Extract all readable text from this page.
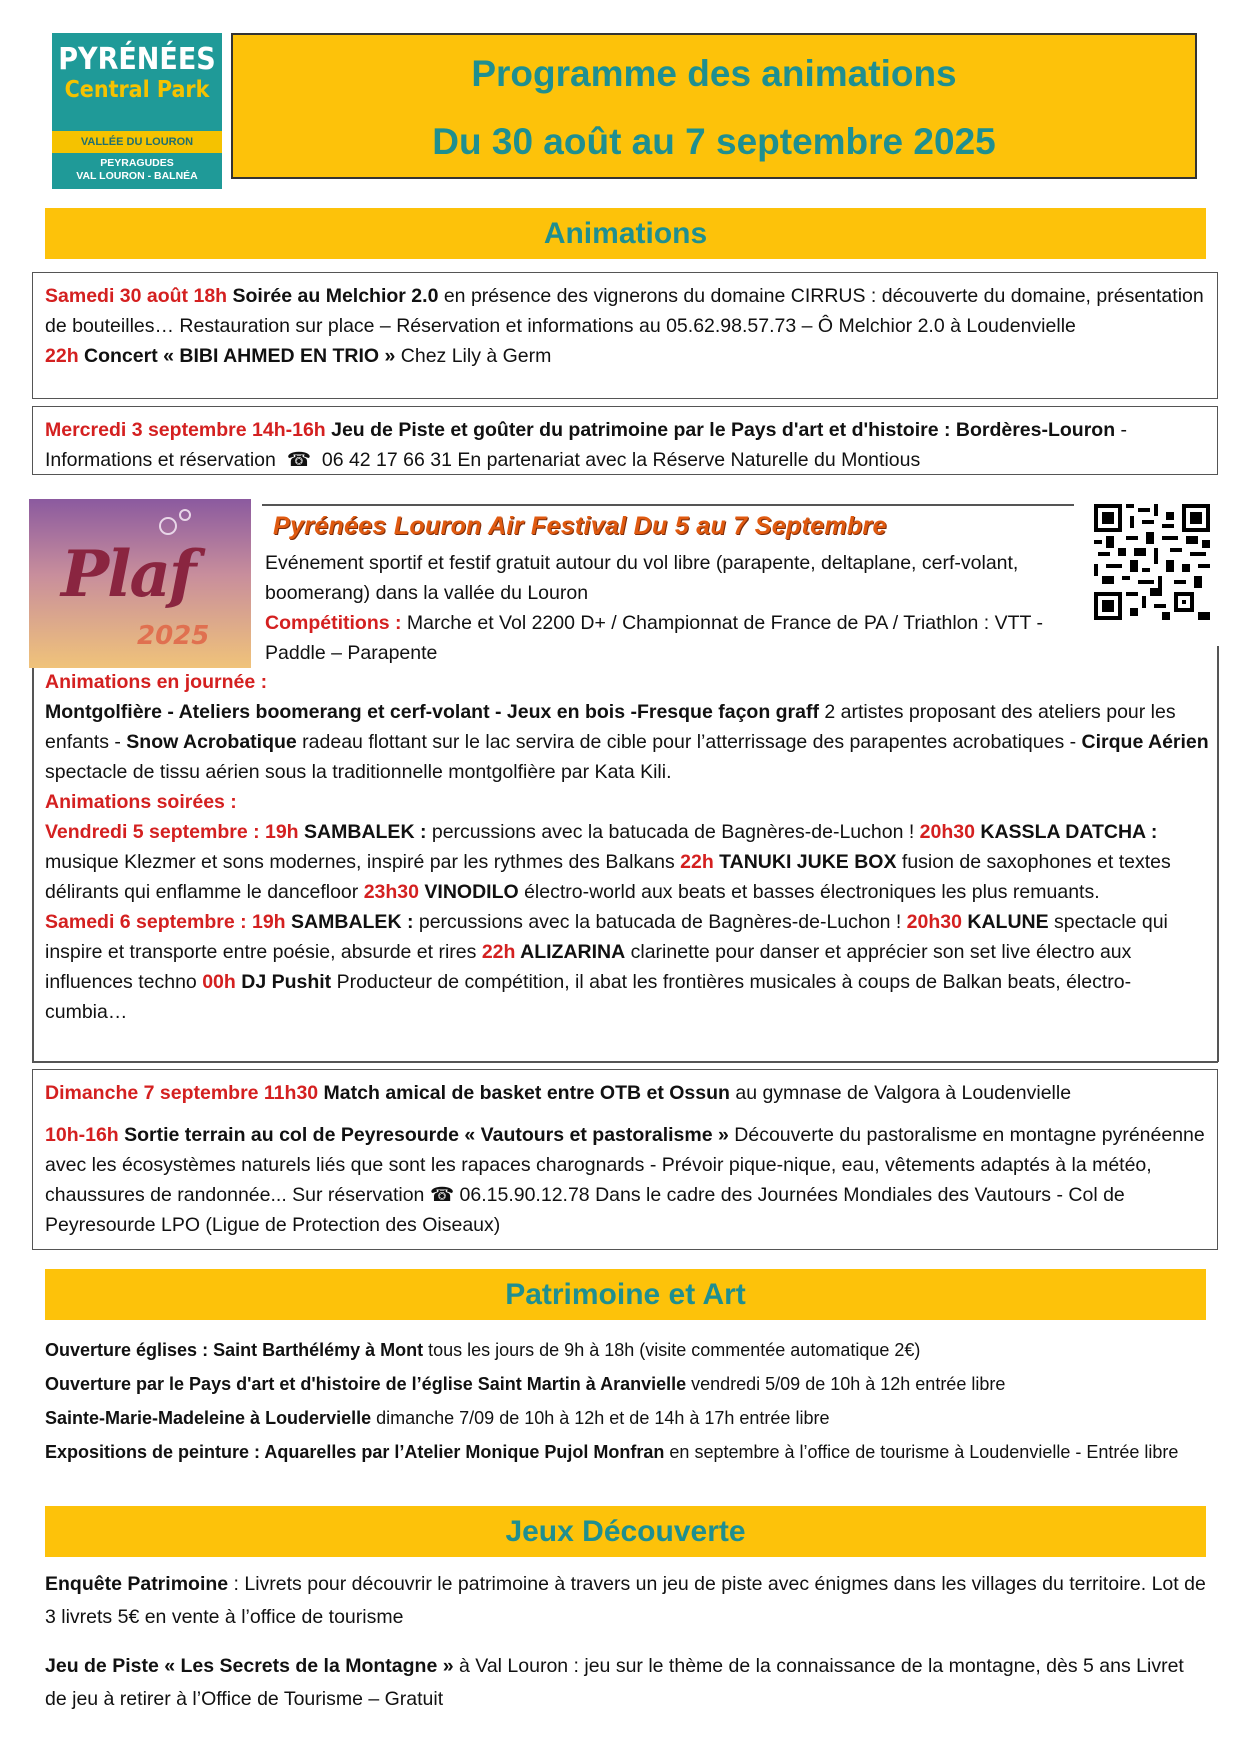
PYRÉNÉES
Central Park
VALLÉE DU LOURON
PEYRAGUDES
VAL LOURON - BALNÉA
Programme des animations
Du 30 août au 7 septembre 2025
Animations
Samedi 30 août 18h Soirée au Melchior 2.0 en présence des vignerons du domaine CIRRUS : découverte du domaine, présentation de bouteilles… Restauration sur place – Réservation et informations au 05.62.98.57.73 – Ô Melchior 2.0 à Loudenvielle
22h Concert « BIBI AHMED EN TRIO » Chez Lily à Germ
Mercredi 3 septembre 14h-16h Jeu de Piste et goûter du patrimoine par le Pays d'art et d'histoire : Bordères-Louron - Informations et réservation ☎ 06 42 17 66 31 En partenariat avec la Réserve Naturelle du Montious
Plaf
2025
Pyrénées Louron Air Festival Du 5 au 7 Septembre
Evénement sportif et festif gratuit autour du vol libre (parapente, deltaplane, cerf-volant, boomerang) dans la vallée du Louron
Compétitions : Marche et Vol 2200 D+ / Championnat de France de PA / Triathlon : VTT - Paddle – Parapente
Animations en journée :
Montgolfière - Ateliers boomerang et cerf-volant - Jeux en bois -Fresque façon graff 2 artistes proposant des ateliers pour les enfants - Snow Acrobatique radeau flottant sur le lac servira de cible pour l’atterrissage des parapentes acrobatiques - Cirque Aérien spectacle de tissu aérien sous la traditionnelle montgolfière par Kata Kili.
Animations soirées :
Vendredi 5 septembre : 19h SAMBALEK : percussions avec la batucada de Bagnères-de-Luchon ! 20h30 KASSLA DATCHA : musique Klezmer et sons modernes, inspiré par les rythmes des Balkans 22h TANUKI JUKE BOX fusion de saxophones et textes délirants qui enflamme le dancefloor 23h30 VINODILO électro-world aux beats et basses électroniques les plus remuants.
Samedi 6 septembre : 19h SAMBALEK : percussions avec la batucada de Bagnères-de-Luchon ! 20h30 KALUNE spectacle qui inspire et transporte entre poésie, absurde et rires 22h ALIZARINA clarinette pour danser et apprécier son set live électro aux influences techno 00h DJ Pushit Producteur de compétition, il abat les frontières musicales à coups de Balkan beats, électro-cumbia…
Dimanche 7 septembre 11h30 Match amical de basket entre OTB et Ossun au gymnase de Valgora à Loudenvielle
10h-16h Sortie terrain au col de Peyresourde « Vautours et pastoralisme » Découverte du pastoralisme en montagne pyrénéenne avec les écosystèmes naturels liés que sont les rapaces charognards - Prévoir pique-nique, eau, vêtements adaptés à la météo, chaussures de randonnée... Sur réservation ☎ 06.15.90.12.78 Dans le cadre des Journées Mondiales des Vautours - Col de Peyresourde LPO (Ligue de Protection des Oiseaux)
Patrimoine et Art
Ouverture églises : Saint Barthélémy à Mont tous les jours de 9h à 18h (visite commentée automatique 2€)
Ouverture par le Pays d'art et d'histoire de l’église Saint Martin à Aranvielle vendredi 5/09 de 10h à 12h entrée libre
Sainte-Marie-Madeleine à Loudervielle dimanche 7/09 de 10h à 12h et de 14h à 17h entrée libre
Expositions de peinture : Aquarelles par l’Atelier Monique Pujol Monfran en septembre à l’office de tourisme à Loudenvielle - Entrée libre
Jeux Découverte
Enquête Patrimoine : Livrets pour découvrir le patrimoine à travers un jeu de piste avec énigmes dans les villages du territoire. Lot de 3 livrets 5€ en vente à l’office de tourisme
Jeu de Piste « Les Secrets de la Montagne » à Val Louron : jeu sur le thème de la connaissance de la montagne, dès 5 ans Livret de jeu à retirer à l’Office de Tourisme – Gratuit
